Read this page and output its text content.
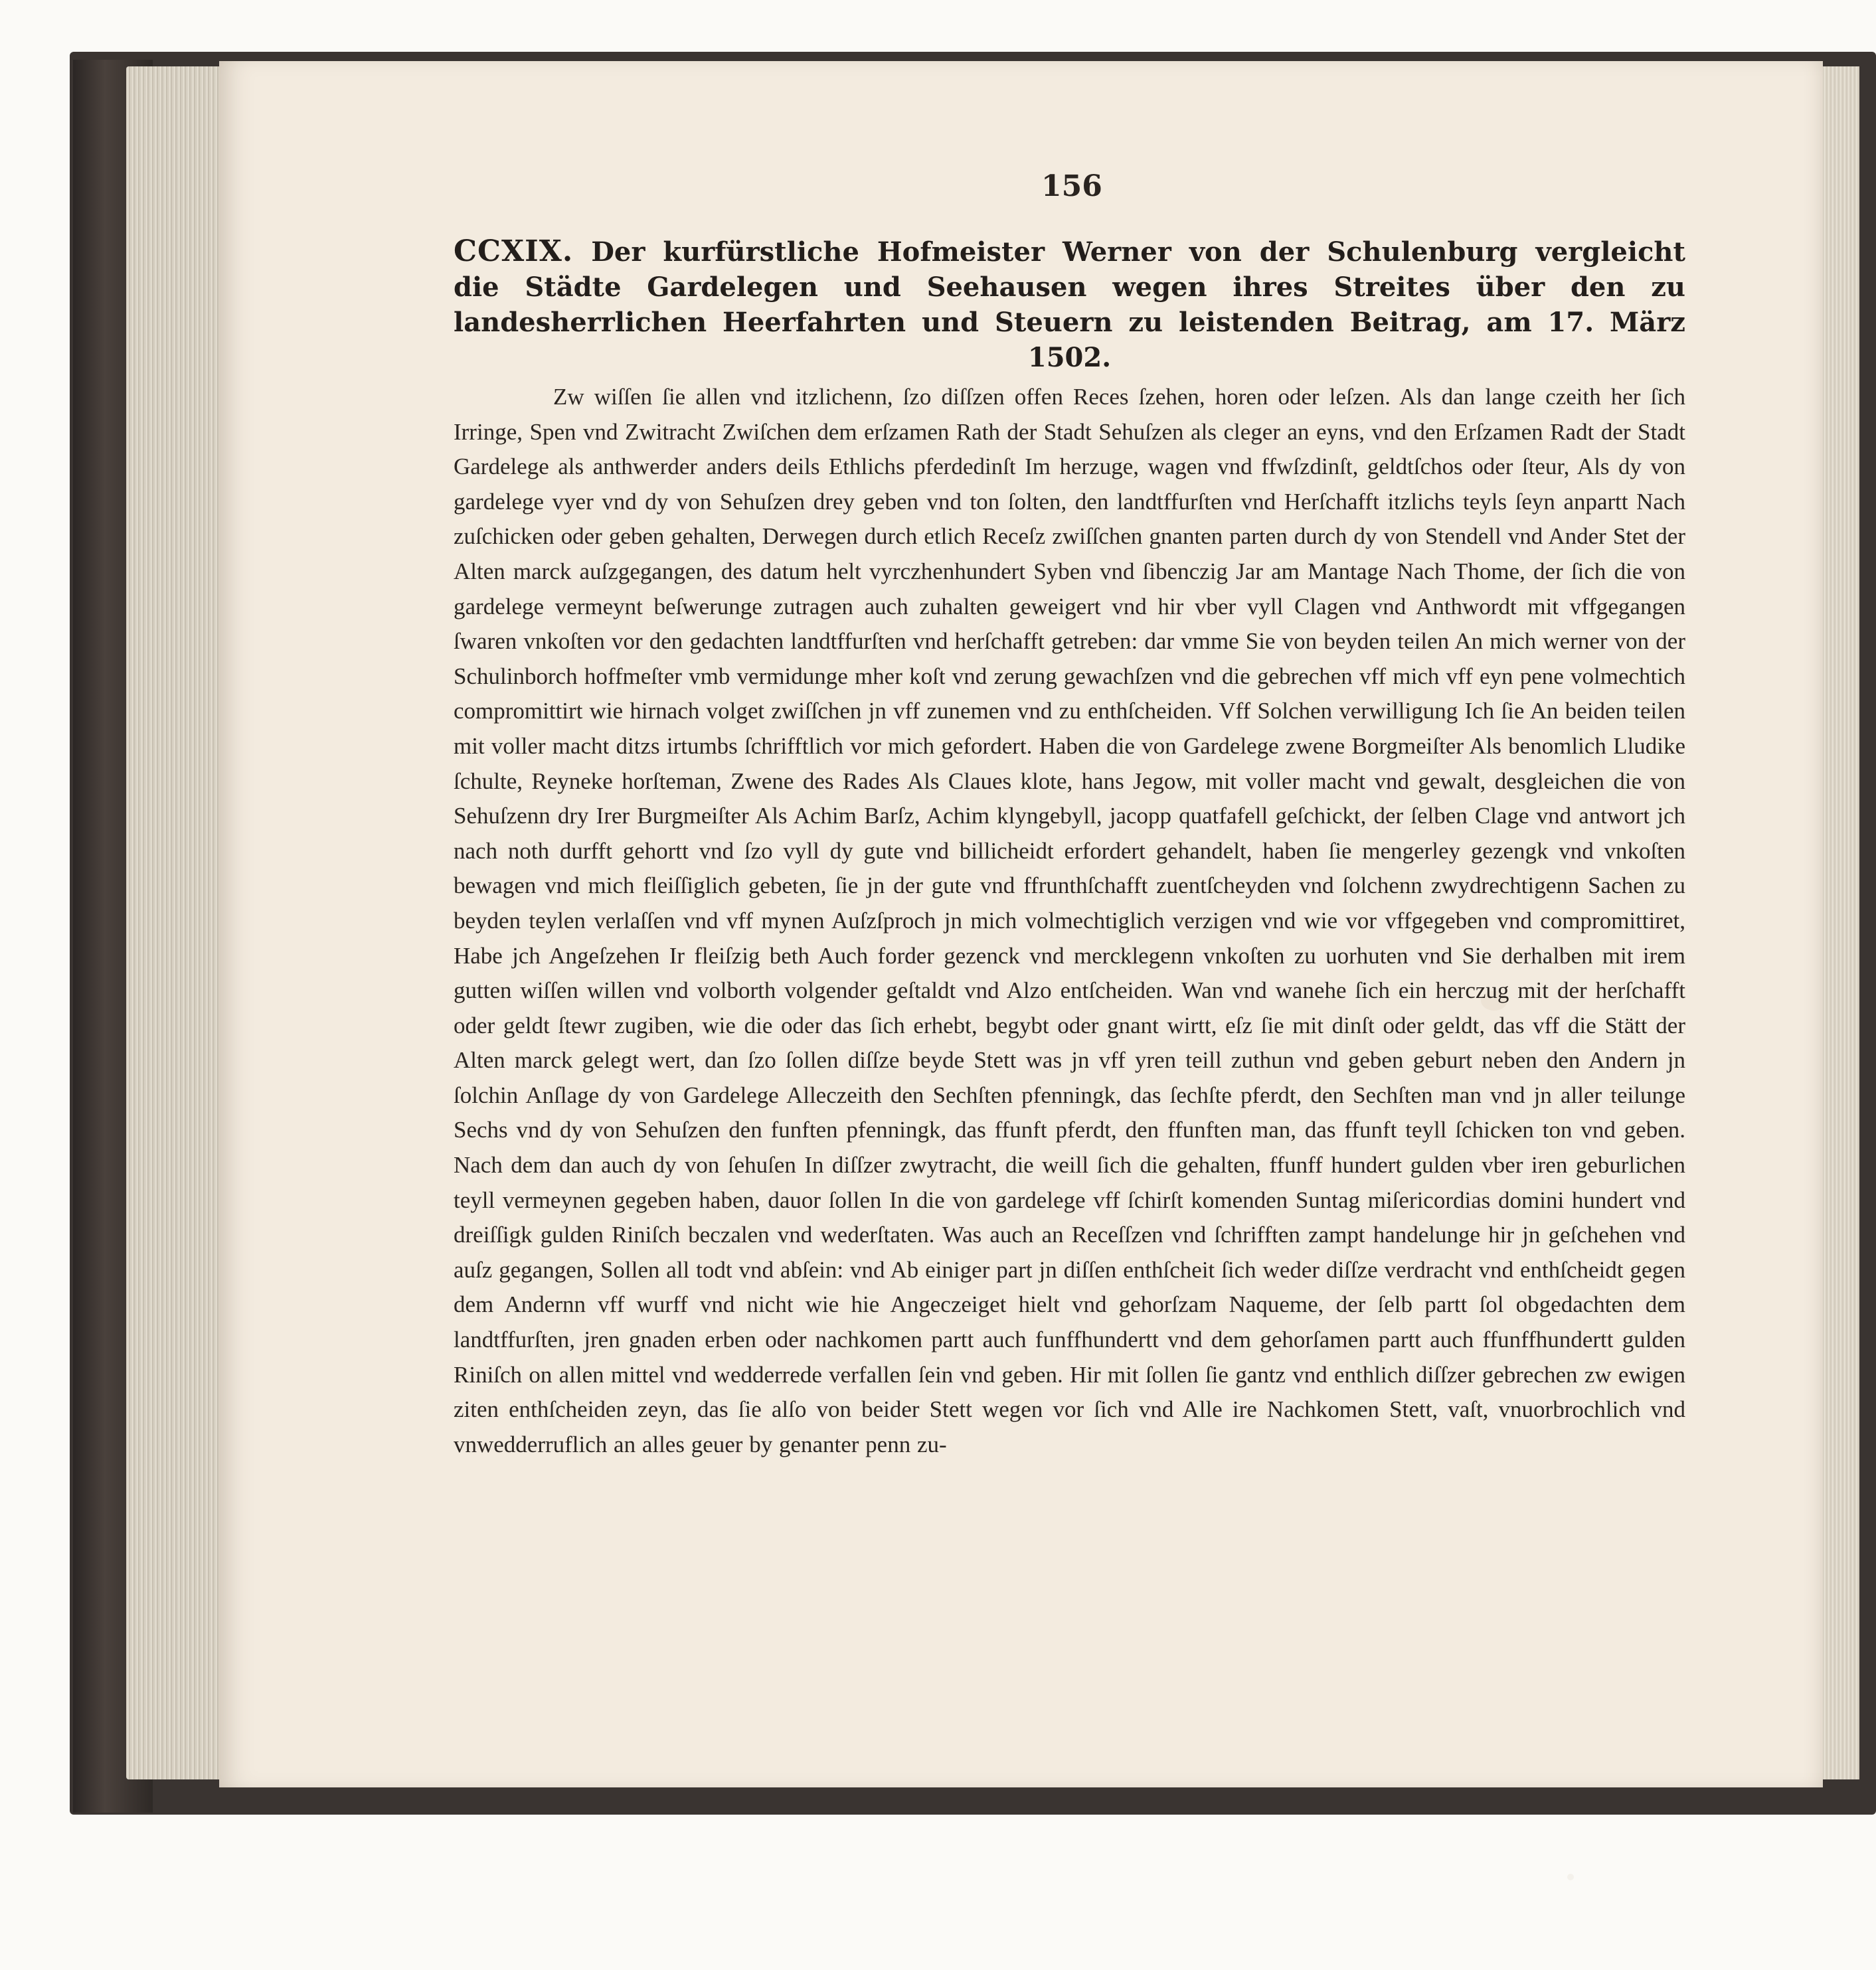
156
CCXIX. Der kurfürstliche Hofmeister Werner von der Schulenburg vergleicht die Städte Gardelegen und Seehausen wegen ihres Streites über den zu landesherrlichen Heerfahrten und Steuern zu leistenden Beitrag, am 17. März 1502.

Zw wiſſen ſie allen vnd itzlichenn, ſzo diſſzen offen Reces ſzehen, horen oder leſzen. Als dan lange czeith her ſich Irringe, Spen vnd Zwitracht Zwiſchen dem erſzamen Rath der Stadt Sehuſzen als cleger an eyns, vnd den Erſzamen Radt der Stadt Gardelege als anthwerder anders deils Ethlichs pferdedinſt Im herzuge, wagen vnd ffwſzdinſt, geldtſchos oder ſteur, Als dy von gardelege vyer vnd dy von Sehuſzen drey geben vnd ton ſolten, den landtffurſten vnd Herſchafft itzlichs teyls ſeyn anpartt Nach zuſchicken oder geben gehalten, Derwegen durch etlich Receſz zwiſſchen gnanten parten durch dy von Stendell vnd Ander Stet der Alten marck auſzgegangen, des datum helt vyrczhenhundert Syben vnd ſibenczig Jar am Mantage Nach Thome, der ſich die von gardelege vermeynt beſwerunge zutragen auch zuhalten geweigert vnd hir vber vyll Clagen vnd Anthwordt mit vffgegangen ſwaren vnkoſten vor den gedachten landtffurſten vnd herſchafft getreben: dar vmme Sie von beyden teilen An mich werner von der Schulinborch hoffmeſter vmb vermidunge mher koſt vnd zerung gewachſzen vnd die gebrechen vff mich vff eyn pene volmechtich compromittirt wie hirnach volget zwiſſchen jn vff zunemen vnd zu enthſcheiden. Vff Solchen verwilligung Ich ſie An beiden teilen mit voller macht ditzs irtumbs ſchrifftlich vor mich gefordert. Haben die von Gardelege zwene Borgmeiſter Als benomlich Lludike ſchulte, Reyneke horſteman, Zwene des Rades Als Claues klote, hans Jegow, mit voller macht vnd gewalt, desgleichen die von Sehuſzenn dry Irer Burgmeiſter Als Achim Barſz, Achim klyngebyll, jacopp quatfafell geſchickt, der ſelben Clage vnd antwort jch nach noth durfft gehortt vnd ſzo vyll dy gute vnd billicheidt erfordert gehandelt, haben ſie mengerley gezengk vnd vnkoſten bewagen vnd mich fleiſſiglich gebeten, ſie jn der gute vnd ffrunthſchafft zuentſcheyden vnd ſolchenn zwydrechtigenn Sachen zu beyden teylen verlaſſen vnd vff mynen Auſzſproch jn mich volmechtiglich verzigen vnd wie vor vffgegeben vnd compromittiret, Habe jch Angeſzehen Ir fleiſzig beth Auch forder gezenck vnd mercklegenn vnkoſten zu uorhuten vnd Sie derhalben mit irem gutten wiſſen willen vnd volborth volgender geſtaldt vnd Alzo entſcheiden. Wan vnd wanehe ſich ein herczug mit der herſchafft oder geldt ſtewr zugiben, wie die oder das ſich erhebt, begybt oder gnant wirtt, eſz ſie mit dinſt oder geldt, das vff die Stätt der Alten marck gelegt wert, dan ſzo ſollen diſſze beyde Stett was jn vff yren teill zuthun vnd geben geburt neben den Andern jn ſolchin Anſlage dy von Gardelege Alleczeith den Sechſten pfenningk, das ſechſte pferdt, den Sechſten man vnd jn aller teilunge Sechs vnd dy von Sehuſzen den funften pfenningk, das ffunft pferdt, den ffunften man, das ffunft teyll ſchicken ton vnd geben. Nach dem dan auch dy von ſehuſen In diſſzer zwytracht, die weill ſich die gehalten, ffunff hundert gulden vber iren geburlichen teyll vermeynen gegeben haben, dauor ſollen In die von gardelege vff ſchirſt komenden Suntag miſericordias domini hundert vnd dreiſſigk gulden Riniſch beczalen vnd wederſtaten. Was auch an Receſſzen vnd ſchrifften zampt handelunge hir jn geſchehen vnd auſz gegangen, Sollen all todt vnd abſein: vnd Ab einiger part jn diſſen enthſcheit ſich weder diſſze verdracht vnd enthſcheidt gegen dem Andernn vff wurff vnd nicht wie hie Angeczeiget hielt vnd gehorſzam Naqueme, der ſelb partt ſol obgedachten dem landtffurſten, jren gnaden erben oder nachkomen partt auch funffhundertt vnd dem gehorſamen partt auch ffunffhundertt gulden Riniſch on allen mittel vnd wedderrede verfallen ſein vnd geben. Hir mit ſollen ſie gantz vnd enthlich diſſzer gebrechen zw ewigen ziten enthſcheiden zeyn, das ſie alſo von beider Stett wegen vor ſich vnd Alle ire Nachkomen Stett, vaſt, vnuorbrochlich vnd vnwedderruflich an alles geuer by genanter penn zu-
